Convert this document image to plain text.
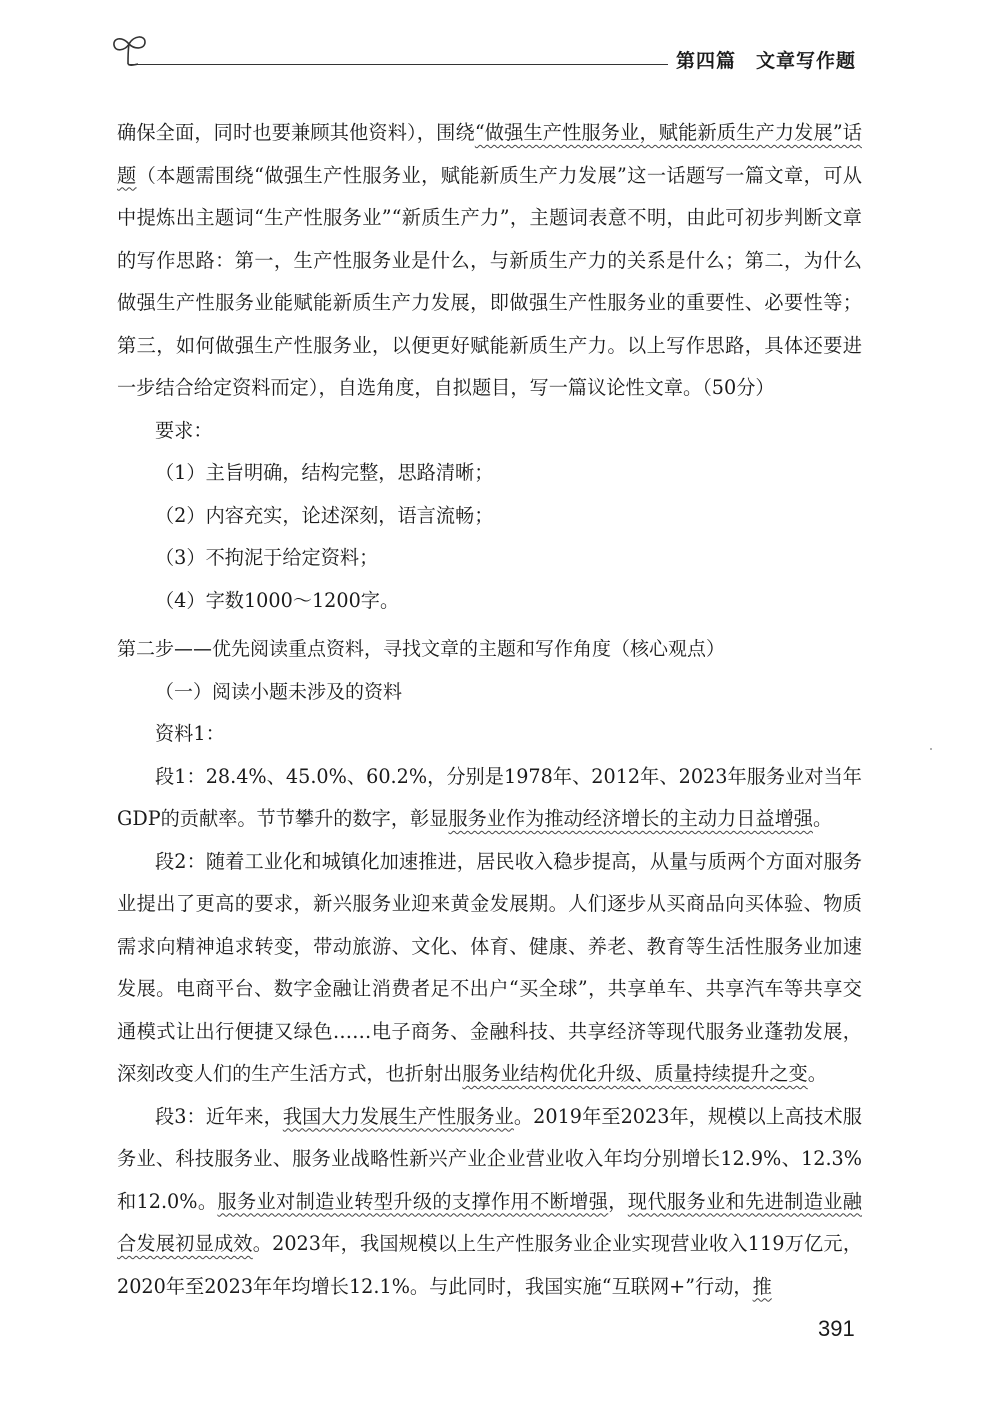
第四篇 文章写作题

确保全面，同时也要兼顾其他资料），围绕“做强生产性服务业，赋能新质生产力发展”话题（本题需围绕“做强生产性服务业，赋能新质生产力发展”这一话题写一篇文章，可从中提炼出主题词“生产性服务业”“新质生产力”，主题词表意不明，由此可初步判断文章的写作思路：第一，生产性服务业是什么，与新质生产力的关系是什么；第二，为什么做强生产性服务业能赋能新质生产力发展，即做强生产性服务业的重要性、必要性等；第三，如何做强生产性服务业，以便更好赋能新质生产力。以上写作思路，具体还要进一步结合给定资料而定），自选角度，自拟题目，写一篇议论性文章。（50分）

要求：

（1）主旨明确，结构完整，思路清晰；

（2）内容充实，论述深刻，语言流畅；

（3）不拘泥于给定资料；

（4）字数1000～1200字。

第二步——优先阅读重点资料，寻找文章的主题和写作角度（核心观点）

（一）阅读小题未涉及的资料

资料1：

段1：28.4%、45.0%、60.2%，分别是1978年、2012年、2023年服务业对当年GDP的贡献率。节节攀升的数字，彰显服务业作为推动经济增长的主动力日益增强。

段2：随着工业化和城镇化加速推进，居民收入稳步提高，从量与质两个方面对服务业提出了更高的要求，新兴服务业迎来黄金发展期。人们逐步从买商品向买体验、物质需求向精神追求转变，带动旅游、文化、体育、健康、养老、教育等生活性服务业加速发展。电商平台、数字金融让消费者足不出户“买全球”，共享单车、共享汽车等共享交通模式让出行便捷又绿色……电子商务、金融科技、共享经济等现代服务业蓬勃发展，深刻改变人们的生产生活方式，也折射出服务业结构优化升级、质量持续提升之变。

段3：近年来，我国大力发展生产性服务业。2019年至2023年，规模以上高技术服务业、科技服务业、服务业战略性新兴产业企业营业收入年均分别增长12.9%、12.3%和12.0%。服务业对制造业转型升级的支撑作用不断增强，现代服务业和先进制造业融合发展初显成效。2023年，我国规模以上生产性服务业企业实现营业收入119万亿元，2020年至2023年年均增长12.1%。与此同时，我国实施“互联网+”行动，推

391
